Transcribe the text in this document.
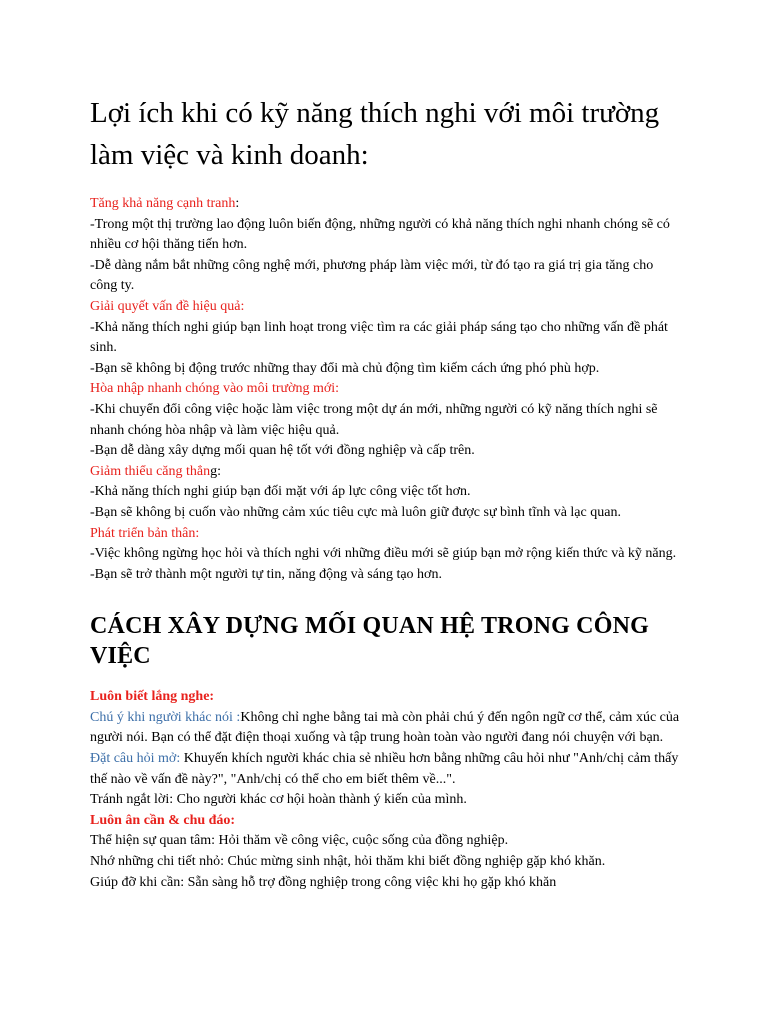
Lợi ích khi có kỹ năng thích nghi với môi trường làm việc và kinh doanh:

Tăng khả năng cạnh tranh:

-Trong một thị trường lao động luôn biến động, những người có khả năng thích nghi nhanh chóng sẽ có nhiều cơ hội thăng tiến hơn.

-Dễ dàng nắm bắt những công nghệ mới, phương pháp làm việc mới, từ đó tạo ra giá trị gia tăng cho công ty.

Giải quyết vấn đề hiệu quả:

-Khả năng thích nghi giúp bạn linh hoạt trong việc tìm ra các giải pháp sáng tạo cho những vấn đề phát sinh.

-Bạn sẽ không bị động trước những thay đổi mà chủ động tìm kiếm cách ứng phó phù hợp.

Hòa nhập nhanh chóng vào môi trường mới:

-Khi chuyển đổi công việc hoặc làm việc trong một dự án mới, những người có kỹ năng thích nghi sẽ nhanh chóng hòa nhập và làm việc hiệu quả.

-Bạn dễ dàng xây dựng mối quan hệ tốt với đồng nghiệp và cấp trên.

Giảm thiểu căng thẳng:

-Khả năng thích nghi giúp bạn đối mặt với áp lực công việc tốt hơn.

-Bạn sẽ không bị cuốn vào những cảm xúc tiêu cực mà luôn giữ được sự bình tĩnh và lạc quan.

Phát triển bản thân:

-Việc không ngừng học hỏi và thích nghi với những điều mới sẽ giúp bạn mở rộng kiến thức và kỹ năng.

-Bạn sẽ trở thành một người tự tin, năng động và sáng tạo hơn.

CÁCH XÂY DỰNG MỐI QUAN HỆ TRONG CÔNG VIỆC

Luôn biết lắng nghe:

Chú ý khi người khác nói :Không chỉ nghe bằng tai mà còn phải chú ý đến ngôn ngữ cơ thể, cảm xúc của người nói. Bạn có thể đặt điện thoại xuống và tập trung hoàn toàn vào người đang nói chuyện với bạn.

Đặt câu hỏi mở: Khuyến khích người khác chia sẻ nhiều hơn bằng những câu hỏi như "Anh/chị cảm thấy thế nào về vấn đề này?", "Anh/chị có thể cho em biết thêm về...".

Tránh ngắt lời: Cho người khác cơ hội hoàn thành ý kiến của mình.

Luôn ân cần & chu đáo:

Thể hiện sự quan tâm: Hỏi thăm về công việc, cuộc sống của đồng nghiệp.

Nhớ những chi tiết nhỏ: Chúc mừng sinh nhật, hỏi thăm khi biết đồng nghiệp gặp khó khăn.

Giúp đỡ khi cần: Sẵn sàng hỗ trợ đồng nghiệp trong công việc khi họ gặp khó khăn
